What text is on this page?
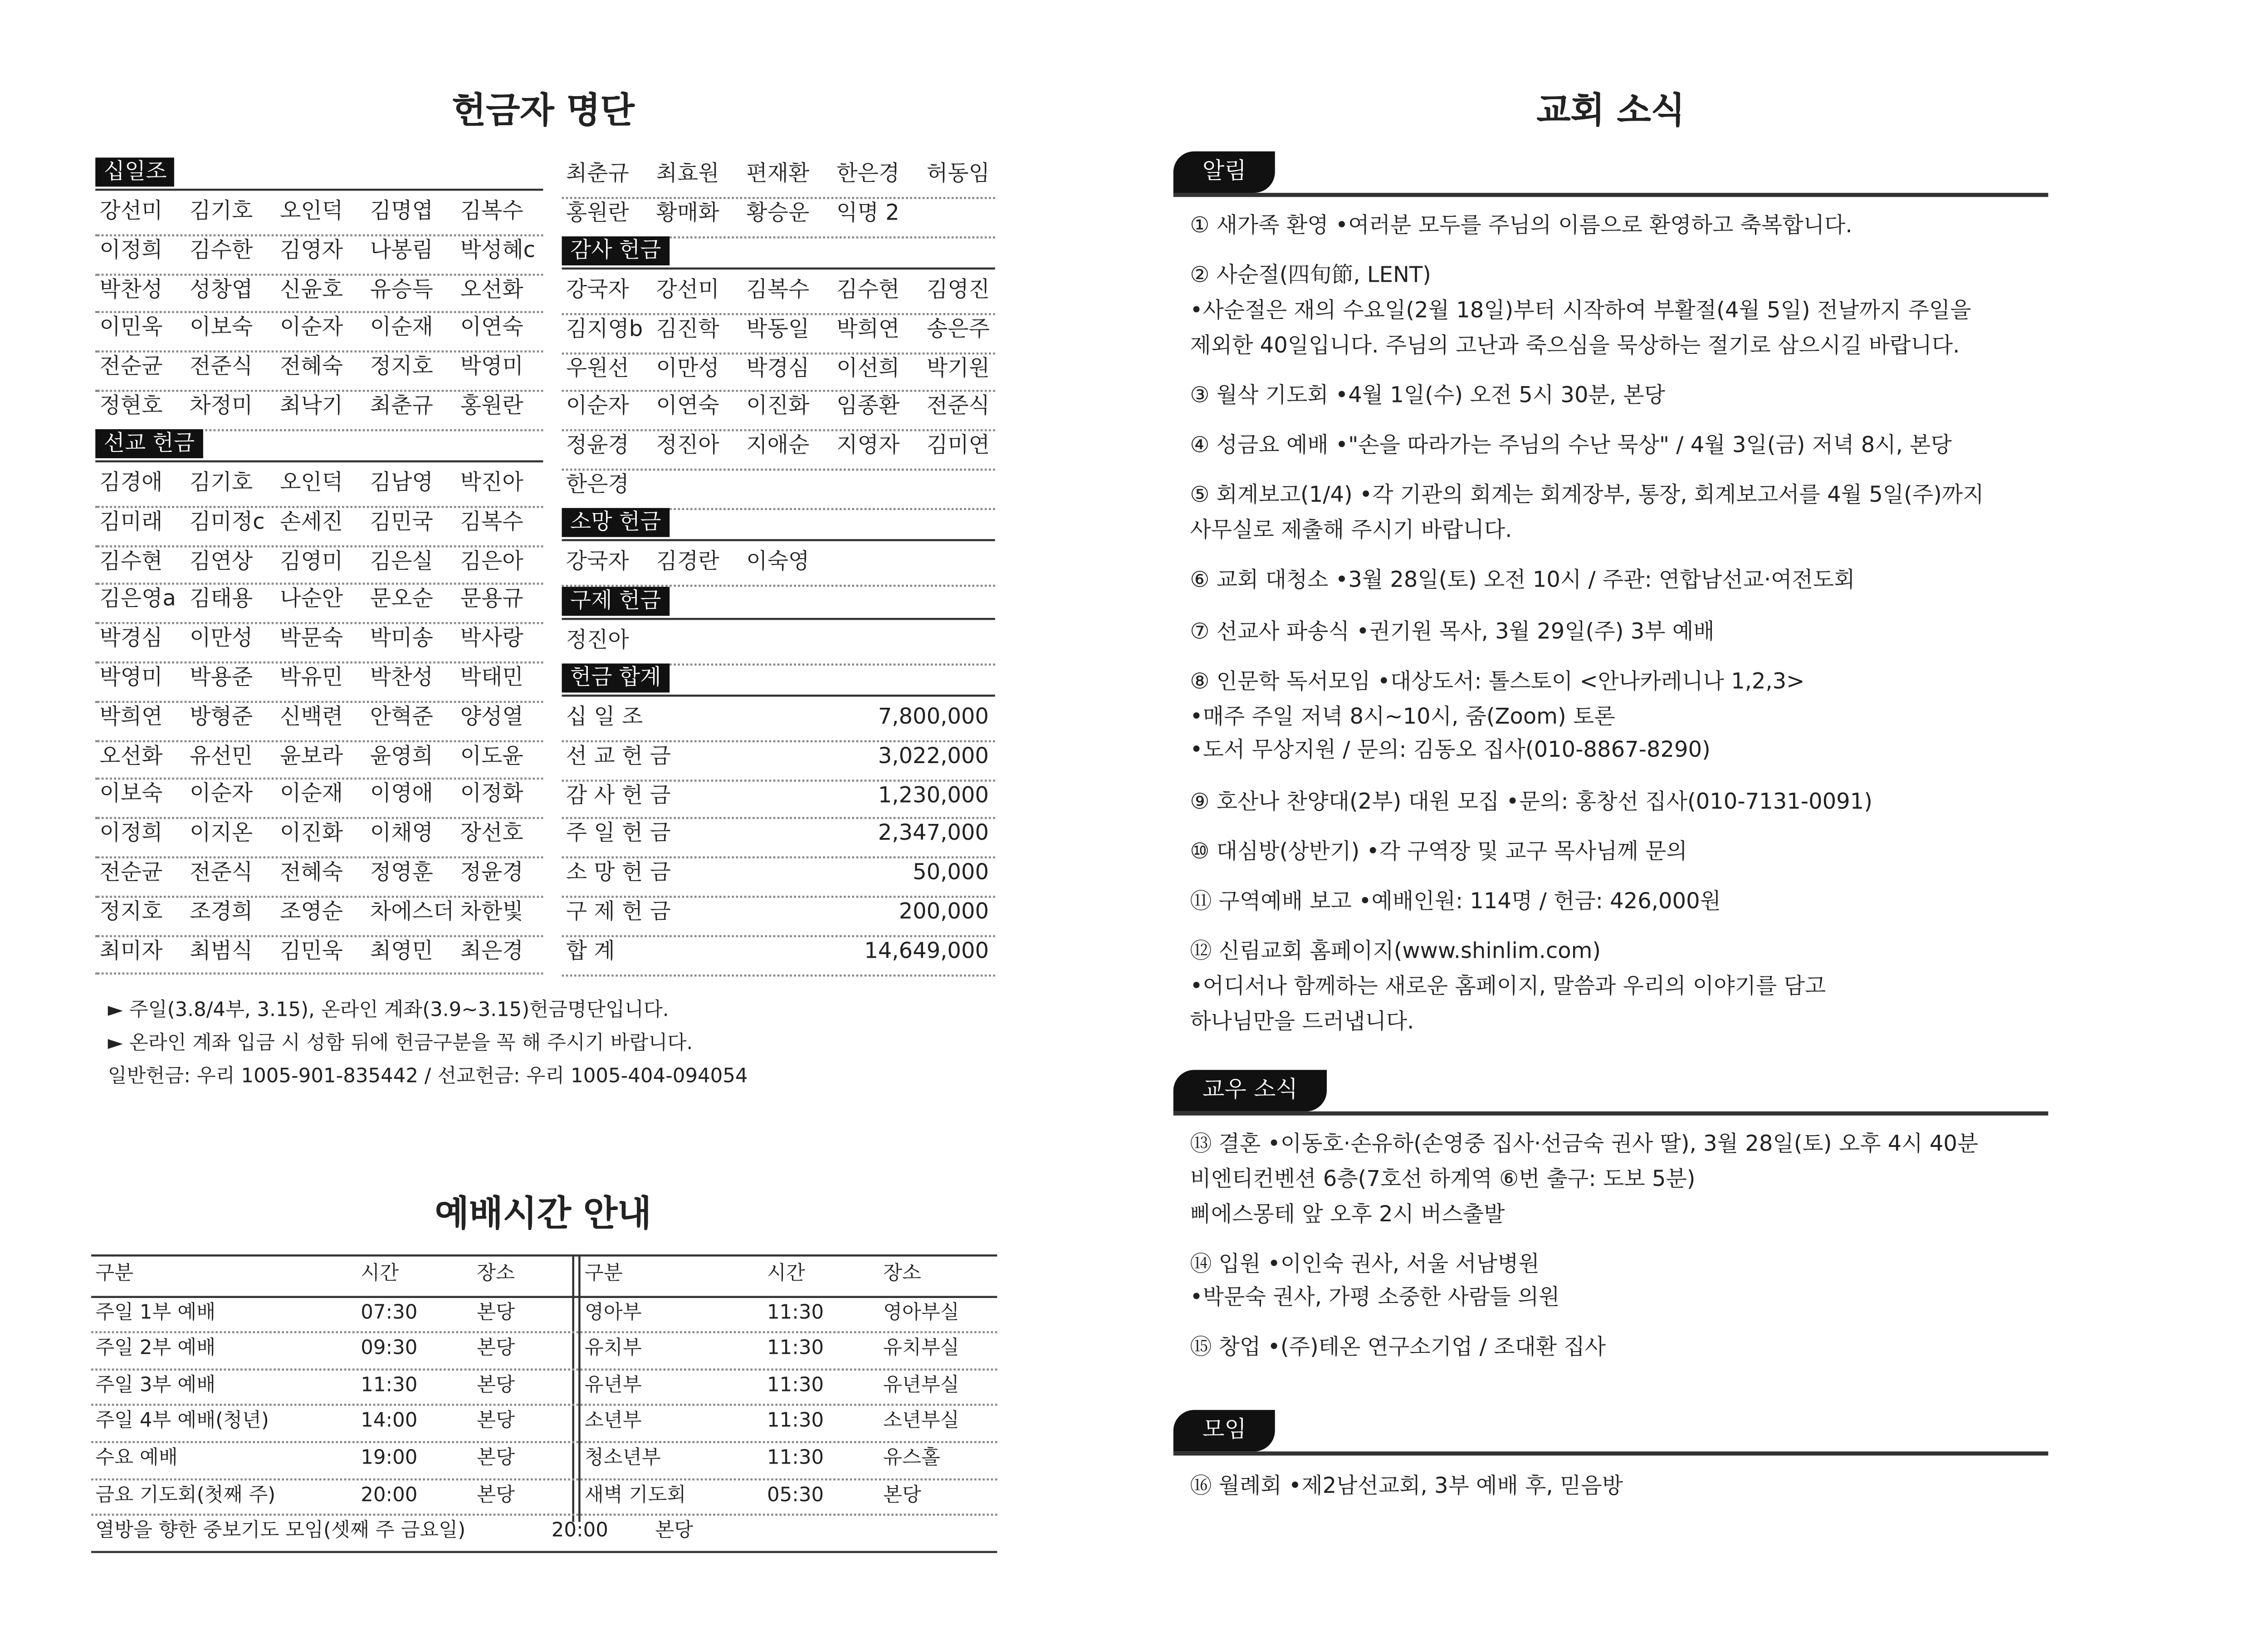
헌금자 명단
십일조
강선미	김기호	오인덕	김명엽	김복수
이정희	김수한	김영자	나봉림	박성혜c
박찬성	성창엽	신윤호	유승득	오선화
이민욱	이보숙	이순자	이순재	이연숙
전순균	전준식	전혜숙	정지호	박영미
정현호	차정미	최낙기	최춘규	홍원란
선교 헌금
김경애	김기호	오인덕	김남영	박진아
김미래	김미정c	손세진	김민국	김복수
김수현	김연상	김영미	김은실	김은아
김은영a	김태용	나순안	문오순	문용규
박경심	이만성	박문숙	박미송	박사랑
박영미	박용준	박유민	박찬성	박태민
박희연	방형준	신백련	안혁준	양성열
오선화	유선민	윤보라	윤영희	이도윤
이보숙	이순자	이순재	이영애	이정화
이정희	이지온	이진화	이채영	장선호
전순균	전준식	전혜숙	정영훈	정윤경
정지호	조경희	조영순	차에스더 차한빛
최미자	최범식	김민욱	최영민	최은경
최춘규	최효원	편재환	한은경	허동임
홍원란	황매화	황승운	익명 2
감사 헌금
강국자	강선미	김복수	김수현	김영진
김지영b	김진학	박동일	박희연	송은주
우원선	이만성	박경심	이선희	박기원
이순자	이연숙	이진화	임종환	전준식
정윤경	정진아	지애순	지영자	김미연
한은경
소망 헌금
강국자	김경란	이숙영
구제 헌금
정진아
헌금 합계
십 일 조	7,800,000
선 교 헌 금	3,022,000
감 사 헌 금	1,230,000
주 일 헌 금	2,347,000
소 망 헌 금	50,000
구 제 헌 금	200,000
합 계	14,649,000
► 주일(3.8/4부, 3.15), 온라인 계좌(3.9~3.15)헌금명단입니다.
► 온라인 계좌 입금 시 성함 뒤에 헌금구분을 꼭 해 주시기 바랍니다.
일반헌금: 우리 1005-901-835442 / 선교헌금: 우리 1005-404-094054
예배시간 안내
구분	시간	장소	구분	시간	장소
주일 1부 예배	07:30	본당	영아부	11:30	영아부실
주일 2부 예배	09:30	본당	유치부	11:30	유치부실
주일 3부 예배	11:30	본당	유년부	11:30	유년부실
주일 4부 예배(청년)	14:00	본당	소년부	11:30	소년부실
수요 예배	19:00	본당	청소년부	11:30	유스홀
금요 기도회(첫째 주)	20:00	본당	새벽 기도회	05:30	본당
열방을 향한 중보기도 모임(셋째 주 금요일)	20:00	본당
교회 소식
알림
① 새가족 환영 •여러분 모두를 주님의 이름으로 환영하고 축복합니다.
② 사순절(四旬節, LENT)
•사순절은 재의 수요일(2월 18일)부터 시작하여 부활절(4월 5일) 전날까지 주일을
제외한 40일입니다. 주님의 고난과 죽으심을 묵상하는 절기로 삼으시길 바랍니다.
③ 월삭 기도회 •4월 1일(수) 오전 5시 30분, 본당
④ 성금요 예배 •"손을 따라가는 주님의 수난 묵상" / 4월 3일(금) 저녁 8시, 본당
⑤ 회계보고(1/4) •각 기관의 회계는 회계장부, 통장, 회계보고서를 4월 5일(주)까지
사무실로 제출해 주시기 바랍니다.
⑥ 교회 대청소 •3월 28일(토) 오전 10시 / 주관: 연합남선교·여전도회
⑦ 선교사 파송식 •권기원 목사, 3월 29일(주) 3부 예배
⑧ 인문학 독서모임 •대상도서: 톨스토이 <안나카레니나 1,2,3>
•매주 주일 저녁 8시~10시, 줌(Zoom) 토론
•도서 무상지원 / 문의: 김동오 집사(010-8867-8290)
⑨ 호산나 찬양대(2부) 대원 모집 •문의: 홍창선 집사(010-7131-0091)
⑩ 대심방(상반기) •각 구역장 및 교구 목사님께 문의
⑪ 구역예배 보고 •예배인원: 114명 / 헌금: 426,000원
⑫ 신림교회 홈페이지(www.shinlim.com)
•어디서나 함께하는 새로운 홈페이지, 말씀과 우리의 이야기를 담고
하나님만을 드러냅니다.
교우 소식
⑬ 결혼 •이동호·손유하(손영중 집사·선금숙 권사 딸), 3월 28일(토) 오후 4시 40분
비엔티컨벤션 6층(7호선 하계역 ⑥번 출구: 도보 5분)
삐에스몽테 앞 오후 2시 버스출발
⑭ 입원 •이인숙 권사, 서울 서남병원
•박문숙 권사, 가평 소중한 사람들 의원
⑮ 창업 •(주)테온 연구소기업 / 조대환 집사
모임
⑯ 월례회 •제2남선교회, 3부 예배 후, 믿음방
